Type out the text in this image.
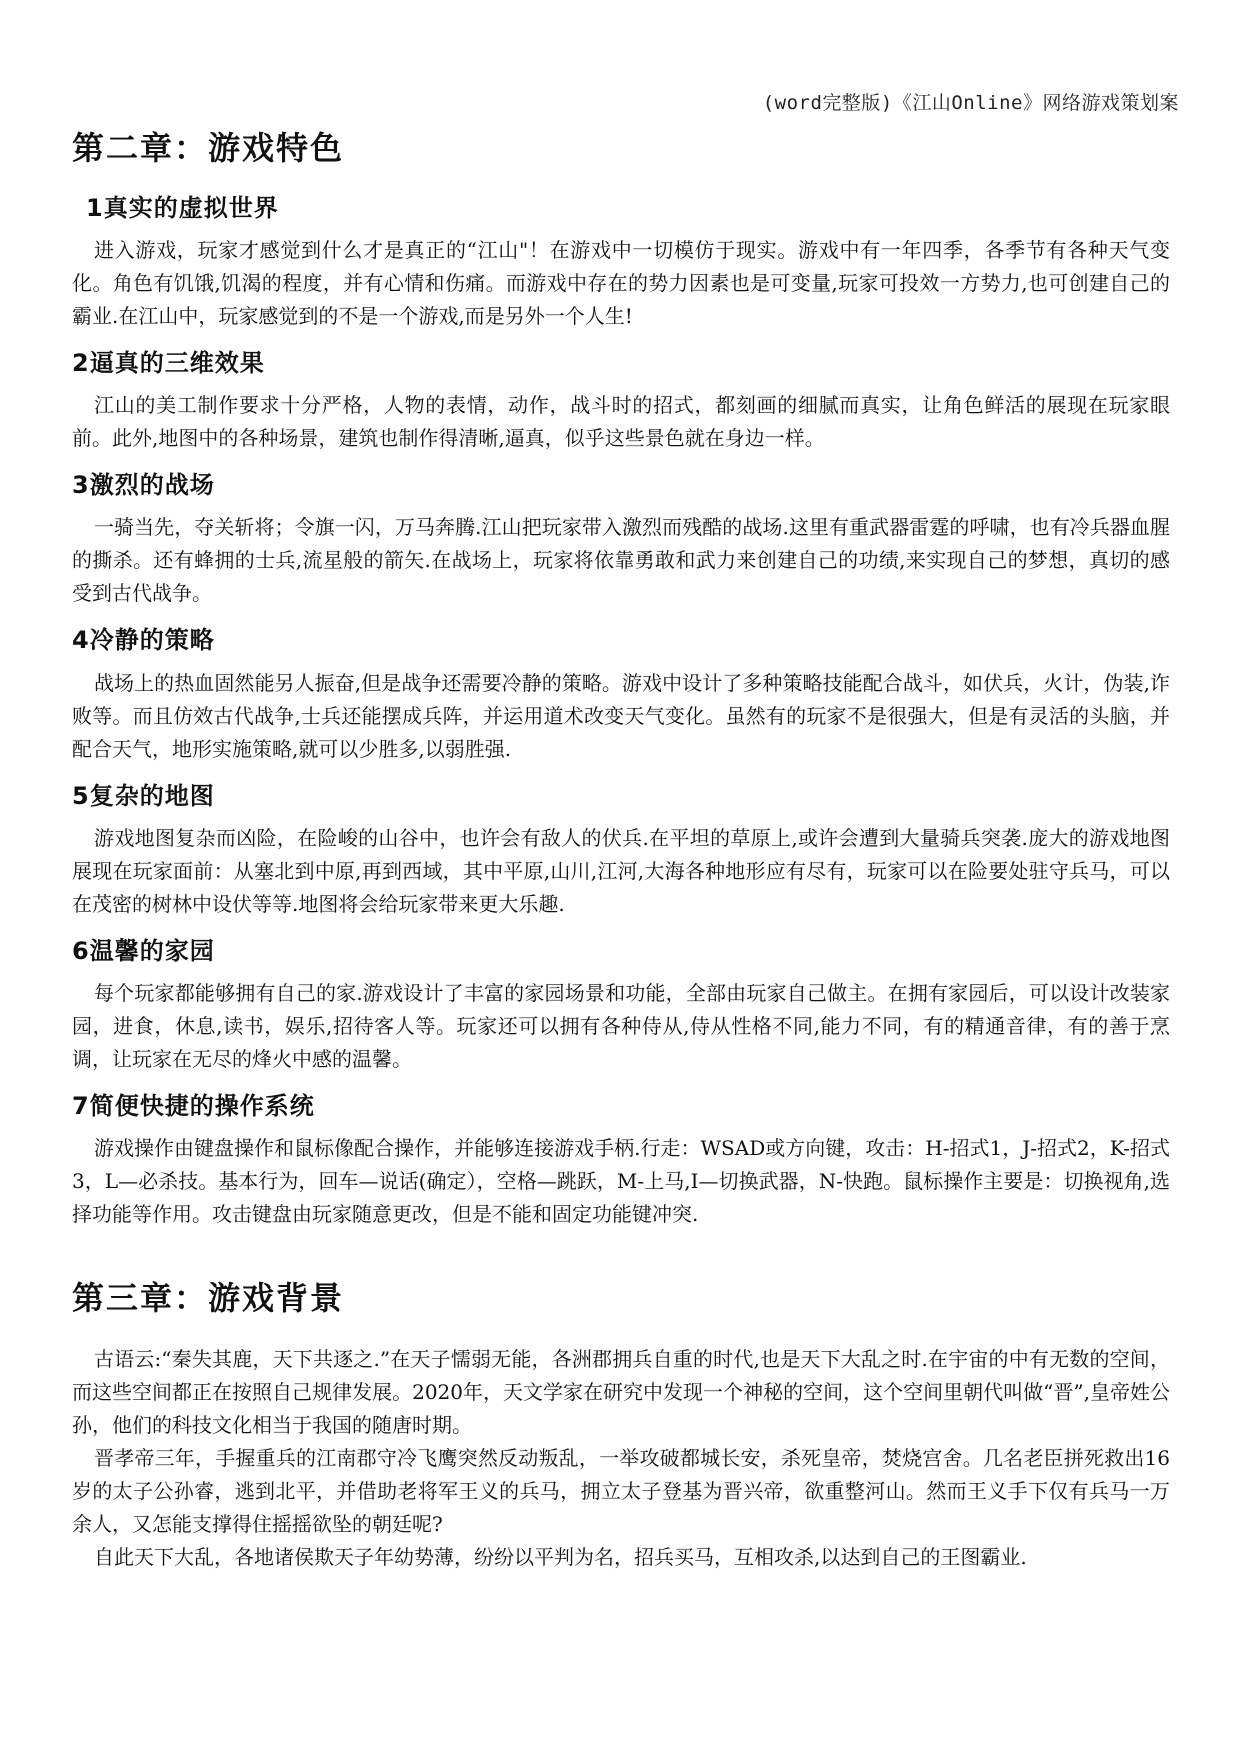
(word完整版)《江山Online》网络游戏策划案
第二章：游戏特色
1真实的虚拟世界

进入游戏，玩家才感觉到什么才是真正的“江山"！在游戏中一切模仿于现实。游戏中有一年四季，各季节有各种天气变化。角色有饥饿,饥渴的程度，并有心情和伤痛。而游戏中存在的势力因素也是可变量,玩家可投效一方势力,也可创建自己的霸业.在江山中，玩家感觉到的不是一个游戏,而是另外一个人生!

2逼真的三维效果

江山的美工制作要求十分严格，人物的表情，动作，战斗时的招式，都刻画的细腻而真实，让角色鲜活的展现在玩家眼前。此外,地图中的各种场景，建筑也制作得清晰,逼真，似乎这些景色就在身边一样。

3激烈的战场

一骑当先，夺关斩将；令旗一闪，万马奔腾.江山把玩家带入激烈而残酷的战场.这里有重武器雷霆的呼啸，也有冷兵器血腥的撕杀。还有蜂拥的士兵,流星般的箭矢.在战场上，玩家将依靠勇敢和武力来创建自己的功绩,来实现自己的梦想，真切的感受到古代战争。

4冷静的策略

战场上的热血固然能另人振奋,但是战争还需要冷静的策略。游戏中设计了多种策略技能配合战斗，如伏兵，火计，伪装,诈败等。而且仿效古代战争,士兵还能摆成兵阵，并运用道术改变天气变化。虽然有的玩家不是很强大，但是有灵活的头脑，并配合天气，地形实施策略,就可以少胜多,以弱胜强.

5复杂的地图

游戏地图复杂而凶险，在险峻的山谷中，也许会有敌人的伏兵.在平坦的草原上,或许会遭到大量骑兵突袭.庞大的游戏地图展现在玩家面前：从塞北到中原,再到西域，其中平原,山川,江河,大海各种地形应有尽有，玩家可以在险要处驻守兵马，可以在茂密的树林中设伏等等.地图将会给玩家带来更大乐趣.

6温馨的家园

每个玩家都能够拥有自己的家.游戏设计了丰富的家园场景和功能，全部由玩家自己做主。在拥有家园后，可以设计改装家园，进食，休息,读书，娱乐,招待客人等。玩家还可以拥有各种侍从,侍从性格不同,能力不同，有的精通音律，有的善于烹调，让玩家在无尽的烽火中感的温馨。

7简便快捷的操作系统

游戏操作由键盘操作和鼠标像配合操作，并能够连接游戏手柄.行走：WSAD或方向键，攻击：H-招式1，J-招式2，K-招式3，L—必杀技。基本行为，回车—说话(确定），空格—跳跃，M-上马,I—切换武器，N-快跑。鼠标操作主要是：切换视角,选择功能等作用。攻击键盘由玩家随意更改，但是不能和固定功能键冲突.

第三章：游戏背景

古语云:“秦失其鹿，天下共逐之.”在天子懦弱无能，各洲郡拥兵自重的时代,也是天下大乱之时.在宇宙的中有无数的空间，而这些空间都正在按照自己规律发展。2020年，天文学家在研究中发现一个神秘的空间，这个空间里朝代叫做“晋”,皇帝姓公孙，他们的科技文化相当于我国的随唐时期。

晋孝帝三年，手握重兵的江南郡守冷飞鹰突然反动叛乱，一举攻破都城长安，杀死皇帝，焚烧宫舍。几名老臣拼死救出16岁的太子公孙睿，逃到北平，并借助老将军王义的兵马，拥立太子登基为晋兴帝，欲重整河山。然而王义手下仅有兵马一万余人，又怎能支撑得住摇摇欲坠的朝廷呢?

自此天下大乱，各地诸侯欺天子年幼势薄，纷纷以平判为名，招兵买马，互相攻杀,以达到自己的王图霸业.
